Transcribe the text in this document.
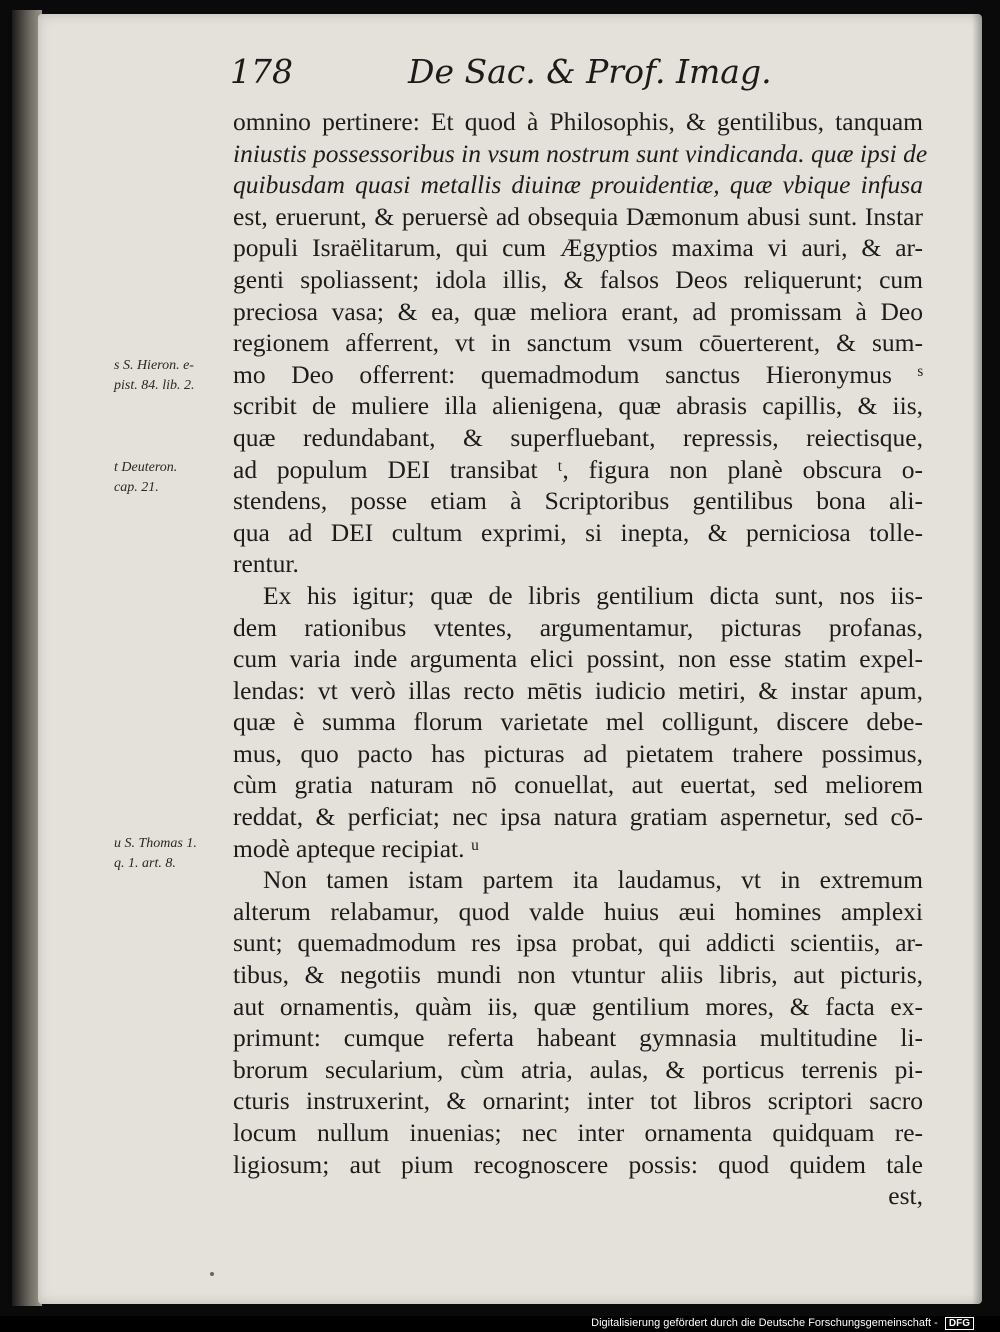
178	De Sac. & Prof. Imag.
omnino pertinere: Et quod à Philosophis, & gentilibus, tanquam
iniustis possessoribus in vsum nostrum sunt vindicanda. quæ ipsi de
quibusdam quasi metallis diuinæ prouidentiæ, quæ vbique infusa
est, eruerunt, & peruersè ad obsequia Dæmonum abusi sunt. Instar
populi Israëlitarum, qui cum Ægyptios maxima vi auri, & ar-
genti spoliassent; idola illis, & falsos Deos reliquerunt; cum
preciosa vasa; & ea, quæ meliora erant, ad promissam à Deo
regionem afferrent, vt in sanctum vsum cōuerterent, & sum-
mo Deo offerrent: quemadmodum sanctus Hieronymus ˢ
scribit de muliere illa alienigena, quæ abrasis capillis, & iis,
quæ redundabant, & superfluebant, repressis, reiectisque,
ad populum DEI transibat ᵗ, figura non planè obscura o-
stendens, posse etiam à Scriptoribus gentilibus bona ali-
qua ad DEI cultum exprimi, si inepta, & perniciosa tolle-
rentur.
Ex his igitur; quæ de libris gentilium dicta sunt, nos iis-
dem rationibus vtentes, argumentamur, picturas profanas,
cum varia inde argumenta elici possint, non esse statim expel-
lendas: vt verò illas recto mētis iudicio metiri, & instar apum,
quæ è summa florum varietate mel colligunt, discere debe-
mus, quo pacto has picturas ad pietatem trahere possimus,
cùm gratia naturam nō conuellat, aut euertat, sed meliorem
reddat, & perficiat; nec ipsa natura gratiam aspernetur, sed cō-
modè apteque recipiat. ᵘ
Non tamen istam partem ita laudamus, vt in extremum
alterum relabamur, quod valde huius æui homines amplexi
sunt; quemadmodum res ipsa probat, qui addicti scientiis, ar-
tibus, & negotiis mundi non vtuntur aliis libris, aut picturis,
aut ornamentis, quàm iis, quæ gentilium mores, & facta ex-
primunt: cumque referta habeant gymnasia multitudine li-
brorum secularium, cùm atria, aulas, & porticus terrenis pi-
cturis instruxerint, & ornarint; inter tot libros scriptori sacro
locum nullum inuenias; nec inter ornamenta quidquam re-
ligiosum; aut pium recognoscere possis: quod quidem tale
est,
s S. Hieron. e-
pist. 84. lib. 2.
t Deuteron.
cap. 21.
u S. Thomas 1.
q. 1. art. 8.
Digitalisierung gefördert durch die Deutsche Forschungsgemeinschaft - DFG
